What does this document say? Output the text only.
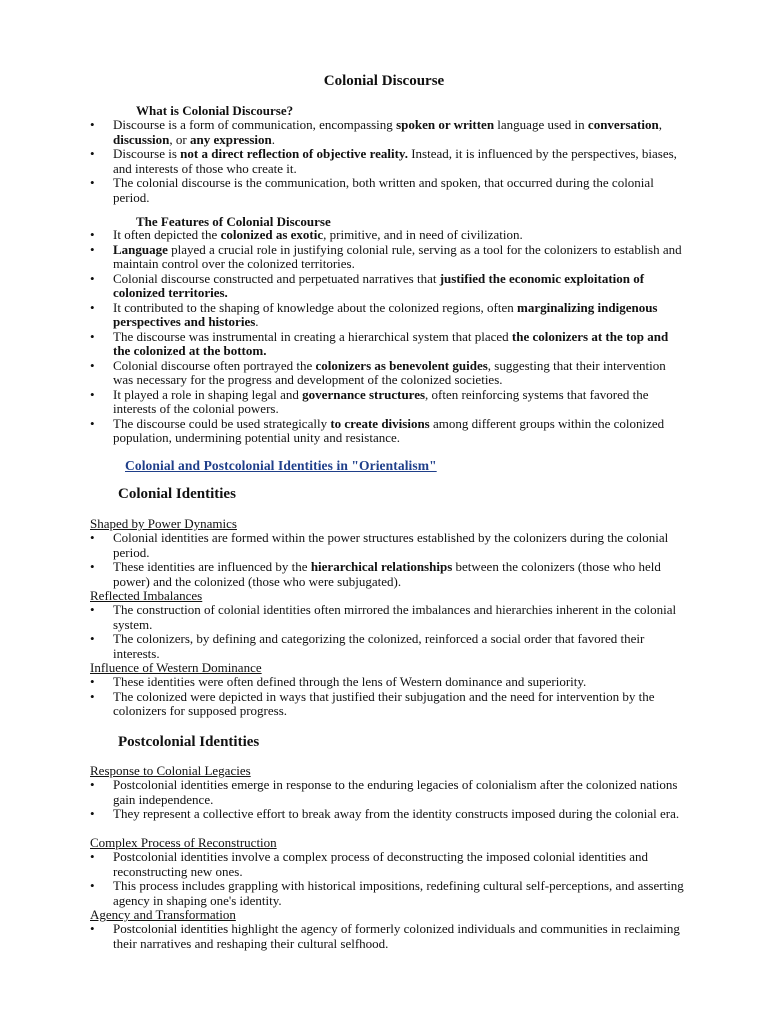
Colonial Discourse
What is Colonial Discourse?
• Discourse is a form of communication, encompassing spoken or written language used in conversation, discussion, or any expression.
• Discourse is not a direct reflection of objective reality. Instead, it is influenced by the perspectives, biases, and interests of those who create it.
• The colonial discourse is the communication, both written and spoken, that occurred during the colonial period.
The Features of Colonial Discourse
• It often depicted the colonized as exotic, primitive, and in need of civilization.
• Language played a crucial role in justifying colonial rule, serving as a tool for the colonizers to establish and maintain control over the colonized territories.
• Colonial discourse constructed and perpetuated narratives that justified the economic exploitation of colonized territories.
• It contributed to the shaping of knowledge about the colonized regions, often marginalizing indigenous perspectives and histories.
• The discourse was instrumental in creating a hierarchical system that placed the colonizers at the top and the colonized at the bottom.
• Colonial discourse often portrayed the colonizers as benevolent guides, suggesting that their intervention was necessary for the progress and development of the colonized societies.
• It played a role in shaping legal and governance structures, often reinforcing systems that favored the interests of the colonial powers.
• The discourse could be used strategically to create divisions among different groups within the colonized population, undermining potential unity and resistance.
Colonial and Postcolonial Identities in "Orientalism"
Colonial Identities
Shaped by Power Dynamics
• Colonial identities are formed within the power structures established by the colonizers during the colonial period.
• These identities are influenced by the hierarchical relationships between the colonizers (those who held power) and the colonized (those who were subjugated).
Reflected Imbalances
• The construction of colonial identities often mirrored the imbalances and hierarchies inherent in the colonial system.
• The colonizers, by defining and categorizing the colonized, reinforced a social order that favored their interests.
Influence of Western Dominance
• These identities were often defined through the lens of Western dominance and superiority.
• The colonized were depicted in ways that justified their subjugation and the need for intervention by the colonizers for supposed progress.
Postcolonial Identities
Response to Colonial Legacies
• Postcolonial identities emerge in response to the enduring legacies of colonialism after the colonized nations gain independence.
• They represent a collective effort to break away from the identity constructs imposed during the colonial era.
Complex Process of Reconstruction
• Postcolonial identities involve a complex process of deconstructing the imposed colonial identities and reconstructing new ones.
• This process includes grappling with historical impositions, redefining cultural self-perceptions, and asserting agency in shaping one's identity.
Agency and Transformation
• Postcolonial identities highlight the agency of formerly colonized individuals and communities in reclaiming their narratives and reshaping their cultural selfhood.
